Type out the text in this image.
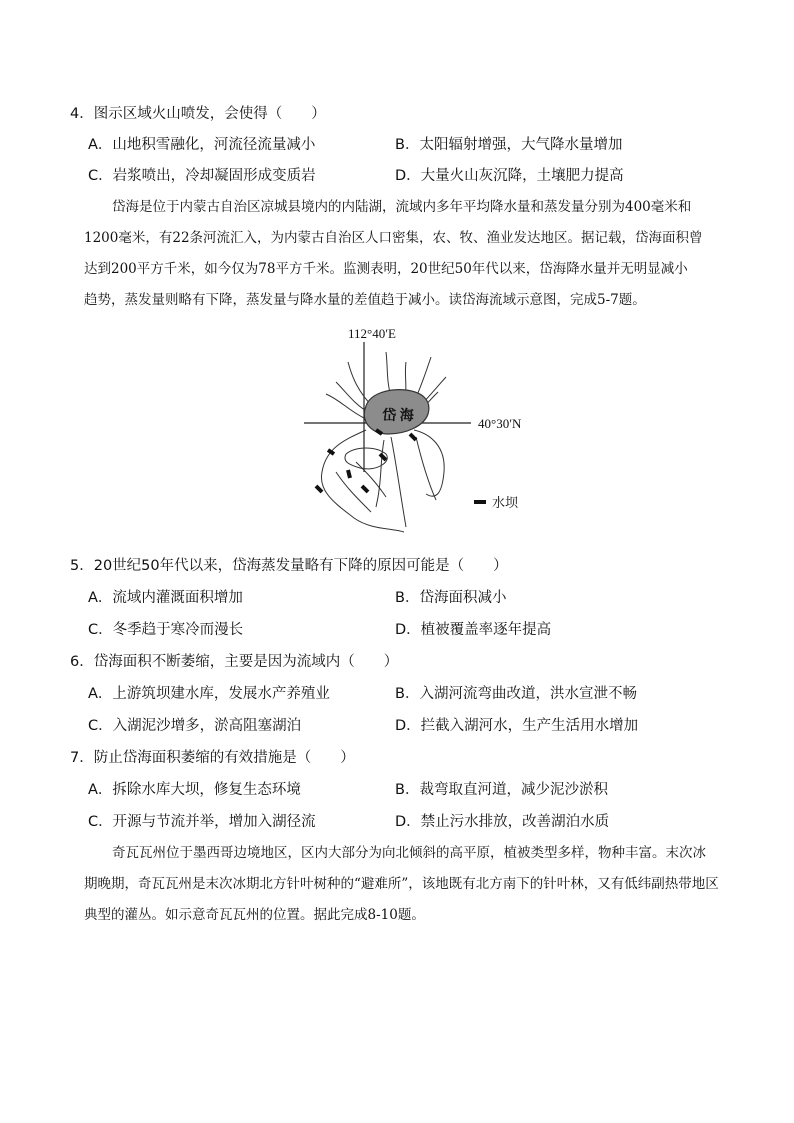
4．图示区域火山喷发，会使得（　　）
A．山地积雪融化，河流径流量减小	B．太阳辐射增强，大气降水量增加
C．岩浆喷出，冷却凝固形成变质岩	D．大量火山灰沉降，土壤肥力提高
岱海是位于内蒙古自治区凉城县境内的内陆湖，流域内多年平均降水量和蒸发量分别为400毫米和
1200毫米，有22条河流汇入，为内蒙古自治区人口密集，农、牧、渔业发达地区。据记载，岱海面积曾
达到200平方千米，如今仅为78平方千米。监测表明，20世纪50年代以来，岱海降水量并无明显减小
趋势，蒸发量则略有下降，蒸发量与降水量的差值趋于减小。读岱海流域示意图，完成5-7题。
岱 海
112°40′E
40°30′N
水坝
5．20世纪50年代以来，岱海蒸发量略有下降的原因可能是（　　）
A．流域内灌溉面积增加	B．岱海面积减小
C．冬季趋于寒冷而漫长	D．植被覆盖率逐年提高
6．岱海面积不断萎缩，主要是因为流域内（　　）
A．上游筑坝建水库，发展水产养殖业	B．入湖河流弯曲改道，洪水宣泄不畅
C．入湖泥沙增多，淤高阻塞湖泊	D．拦截入湖河水，生产生活用水增加
7．防止岱海面积萎缩的有效措施是（　　）
A．拆除水库大坝，修复生态环境	B．裁弯取直河道，减少泥沙淤积
C．开源与节流并举，增加入湖径流	D．禁止污水排放，改善湖泊水质
奇瓦瓦州位于墨西哥边境地区，区内大部分为向北倾斜的高平原，植被类型多样，物种丰富。末次冰
期晚期，奇瓦瓦州是末次冰期北方针叶树种的“避难所”，该地既有北方南下的针叶林，又有低纬副热带地区
典型的灌丛。如示意奇瓦瓦州的位置。据此完成8-10题。
